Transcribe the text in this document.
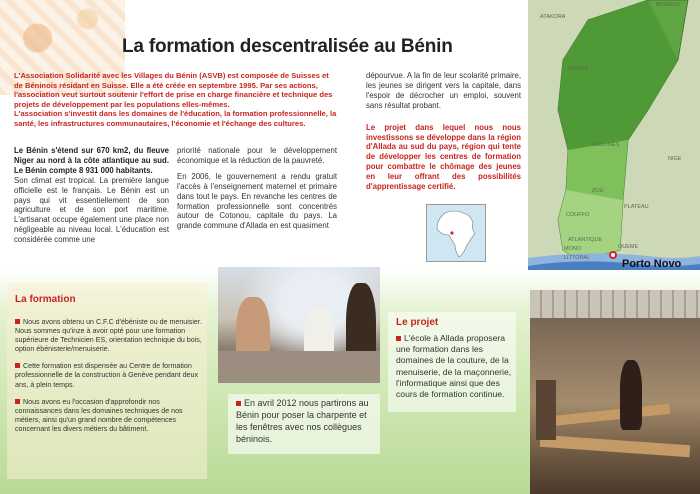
La formation descentralisée au Bénin

L'Association Solidarité avec les Villages du Bénin (ASVB) est composée de Suisses et de Béninois résidant en Suisse. Elle a été créée en septembre 1995. Par ses actions, l'association veut surtout soutenir l'effort de prise en charge financière et technique des projets de développement par les populations elles-mêmes.

L'association s'investit dans les domaines de l'éducation, la formation professionnelle, la santé, les infrastructures communautaires, l'économie et l'échange des cultures.

Le Bénin s'étend sur 670 km2, du fleuve Niger au nord à la côte atlantique au sud. Le Bénin compte 8 931 000 habitants.

Son climat est tropical. La première langue officielle est le français. Le Bénin est un pays qui vit essentiellement de son agriculture et de son port maritime. L'artisanat occupe également une place non négligeable au niveau local. L'éducation est considérée comme une

priorité nationale pour le développement économique et la réduction de la pauvreté.

En 2006, le gouvernement a rendu gratuit l'accès à l'enseignement maternel et primaire dans tout le pays. En revanche les centres de formation professionnelle sont concentrés autour de Cotonou, capitale du pays. La grande commune d'Allada en est quasiment

dépourvue. A la fin de leur scolarité primaire, les jeunes se dirigent vers la capitale, dans l'espoir de décrocher un emploi, souvent sans résultat probant.

Le projet dans lequel nous nous investissons se développe dans la région d'Allada au sud du pays, région qui tente de développer les centres de formation pour combattre le chômage des jeunes en leur offrant des possibilités d'apprentissage certifié.

BORGOU
ATAKORA
DONGA
COLLINES
NIGE
ZOU
PLATEAU
COUFFO
ATLANTIQUE
MONO	OUEME
LITTORAL	Porto Novo
La formation

Nous avons obtenu un C.F.C d'ébéniste ou de menuisier. Nous sommes qu'inze à avoir opté pour une formation supérieure de Technicien ES, orientation technique du bois, option ébénisterie/menuiserie.

Cette formation est dispensée au Centre de formation professionnelle de la construction à Genève pendant deux ans, à plein temps.

Nous avons eu l'occasion d'approfondir nos connaissances dans les domaines techniques de nos métiers, ainsi qu'un grand nombre de compétences concernant les divers métiers du bâtiment.

En avril 2012 nous partirons au Bénin pour poser la charpente et les fenêtres avec nos collègues béninois.
Le projet
L'école à Allada proposera une formation dans les domaines de la couture, de la menuiserie, de la maçonnerie, l'informatique ainsi que des cours de formation continue.
